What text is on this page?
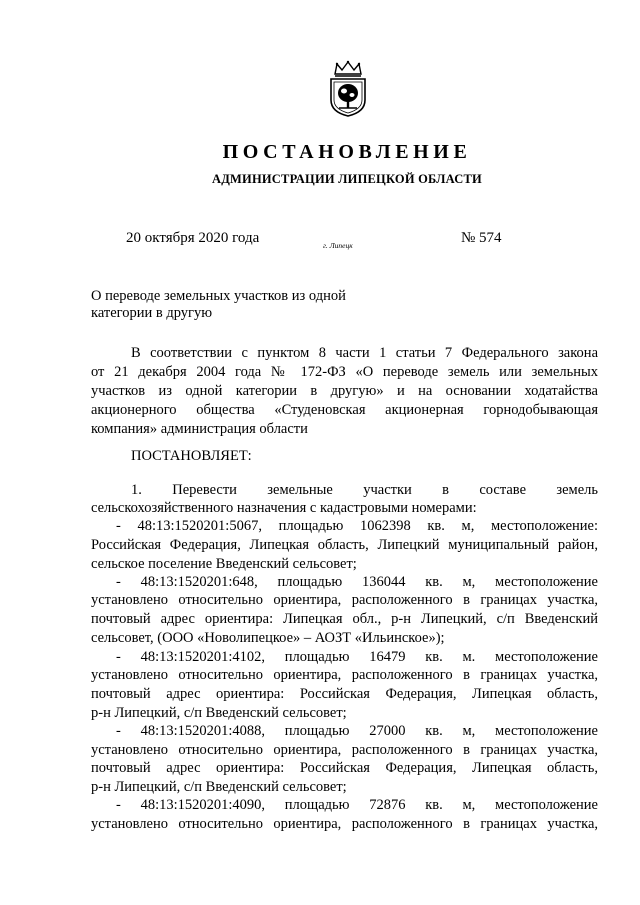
ПОСТАНОВЛЕНИЕ
АДМИНИСТРАЦИИ ЛИПЕЦКОЙ ОБЛАСТИ
20 октября 2020 года	г. Липецк	№ 574
О переводе земельных участков из одной
категории в другую
В соответствии с пунктом 8 части 1 статьи 7 Федерального закона
от 21 декабря 2004 года № 172-ФЗ «О переводе земель или земельных
участков из одной категории в другую» и на основании ходатайства
акционерного общества «Студеновская акционерная горнодобывающая
компания» администрация области
ПОСТАНОВЛЯЕТ:
1. Перевести земельные участки в составе земель
сельскохозяйственного назначения с кадастровыми номерами:
- 48:13:1520201:5067, площадью 1062398 кв. м, местоположение:
Российская Федерация, Липецкая область, Липецкий муниципальный район,
сельское поселение Введенский сельсовет;
- 48:13:1520201:648, площадью 136044 кв. м, местоположение
установлено относительно ориентира, расположенного в границах участка,
почтовый адрес ориентира: Липецкая обл., р-н Липецкий, с/п Введенский
сельсовет, (ООО «Новолипецкое» – АОЗТ «Ильинское»);
- 48:13:1520201:4102, площадью 16479 кв. м. местоположение
установлено относительно ориентира, расположенного в границах участка,
почтовый адрес ориентира: Российская Федерация, Липецкая область,
р-н Липецкий, с/п Введенский сельсовет;
- 48:13:1520201:4088, площадью 27000 кв. м, местоположение
установлено относительно ориентира, расположенного в границах участка,
почтовый адрес ориентира: Российская Федерация, Липецкая область,
р-н Липецкий, с/п Введенский сельсовет;
- 48:13:1520201:4090, площадью 72876 кв. м, местоположение
установлено относительно ориентира, расположенного в границах участка,
